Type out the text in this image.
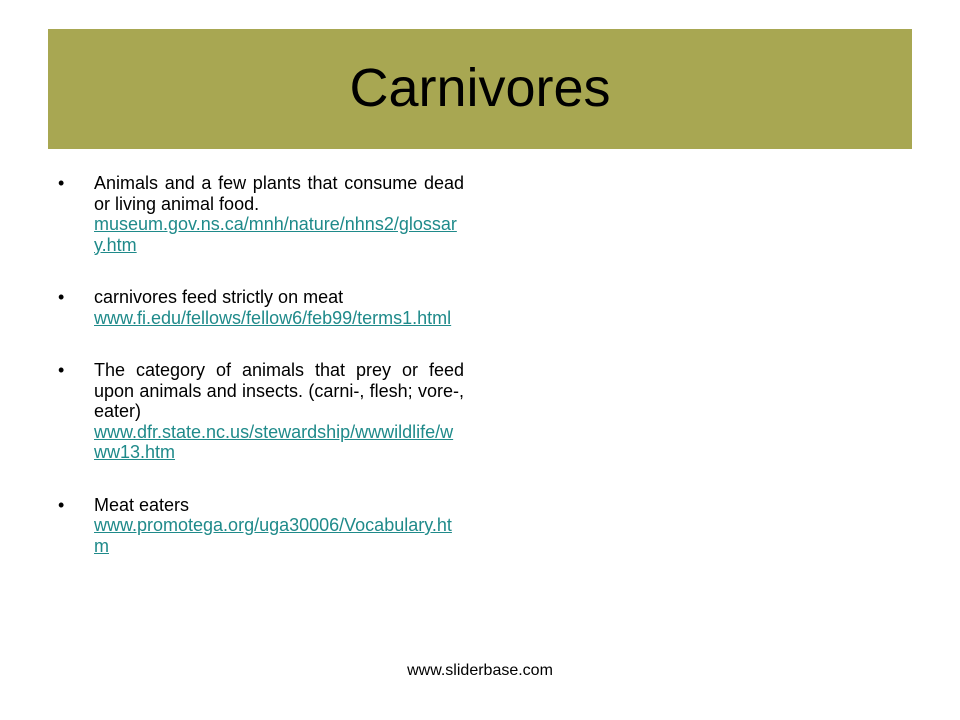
Carnivores
• Animals and a few plants that consume dead or living animal food.
museum.gov.ns.ca/mnh/nature/nhns2/glossary.htm
• carnivores feed strictly on meat
www.fi.edu/fellows/fellow6/feb99/terms1.html
• The category of animals that prey or feed upon animals and insects. (carni-, flesh; vore-, eater)
www.dfr.state.nc.us/stewardship/wwwildlife/www13.htm
• Meat eaters
www.promotega.org/uga30006/Vocabulary.htm
www.sliderbase.com
